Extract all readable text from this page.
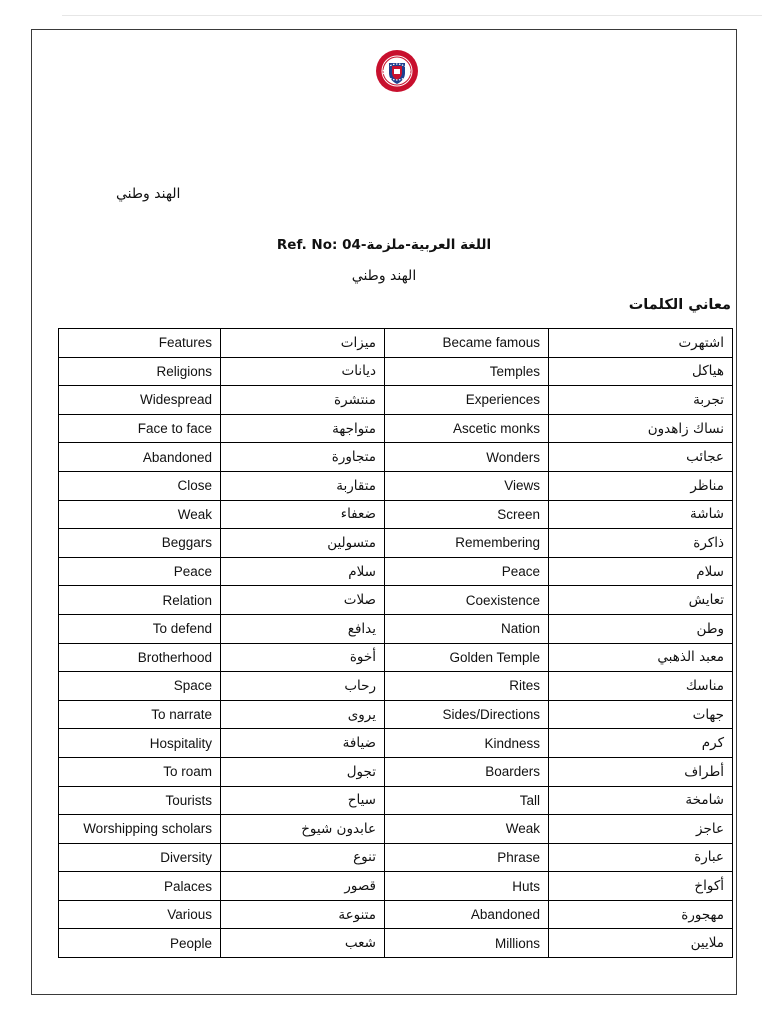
الهند وطني
اللغة العربية-ملزمة-Ref. No: 04
الهند وطني
معاني الكلمات
Features	ميزات	Became famous	اشتهرت
Religions	ديانات	Temples	هياكل
Widespread	منتشرة	Experiences	تجربة
Face to face	متواجهة	Ascetic monks	نساك زاهدون
Abandoned	متجاورة	Wonders	عجائب
Close	متقاربة	Views	مناظر
Weak	ضعفاء	Screen	شاشة
Beggars	متسولين	Remembering	ذاكرة
Peace	سلام	Peace	سلام
Relation	صلات	Coexistence	تعايش
To defend	يدافع	Nation	وطن
Brotherhood	أخوة	Golden Temple	معبد الذهبي
Space	رحاب	Rites	مناسك
To narrate	يروى	Sides/Directions	جهات
Hospitality	ضيافة	Kindness	كرم
To roam	تجول	Boarders	أطراف
Tourists	سياح	Tall	شامخة
Worshipping scholars	عابدون شيوخ	Weak	عاجز
Diversity	تنوع	Phrase	عبارة
Palaces	قصور	Huts	أكواخ
Various	متنوعة	Abandoned	مهجورة
People	شعب	Millions	ملايين
